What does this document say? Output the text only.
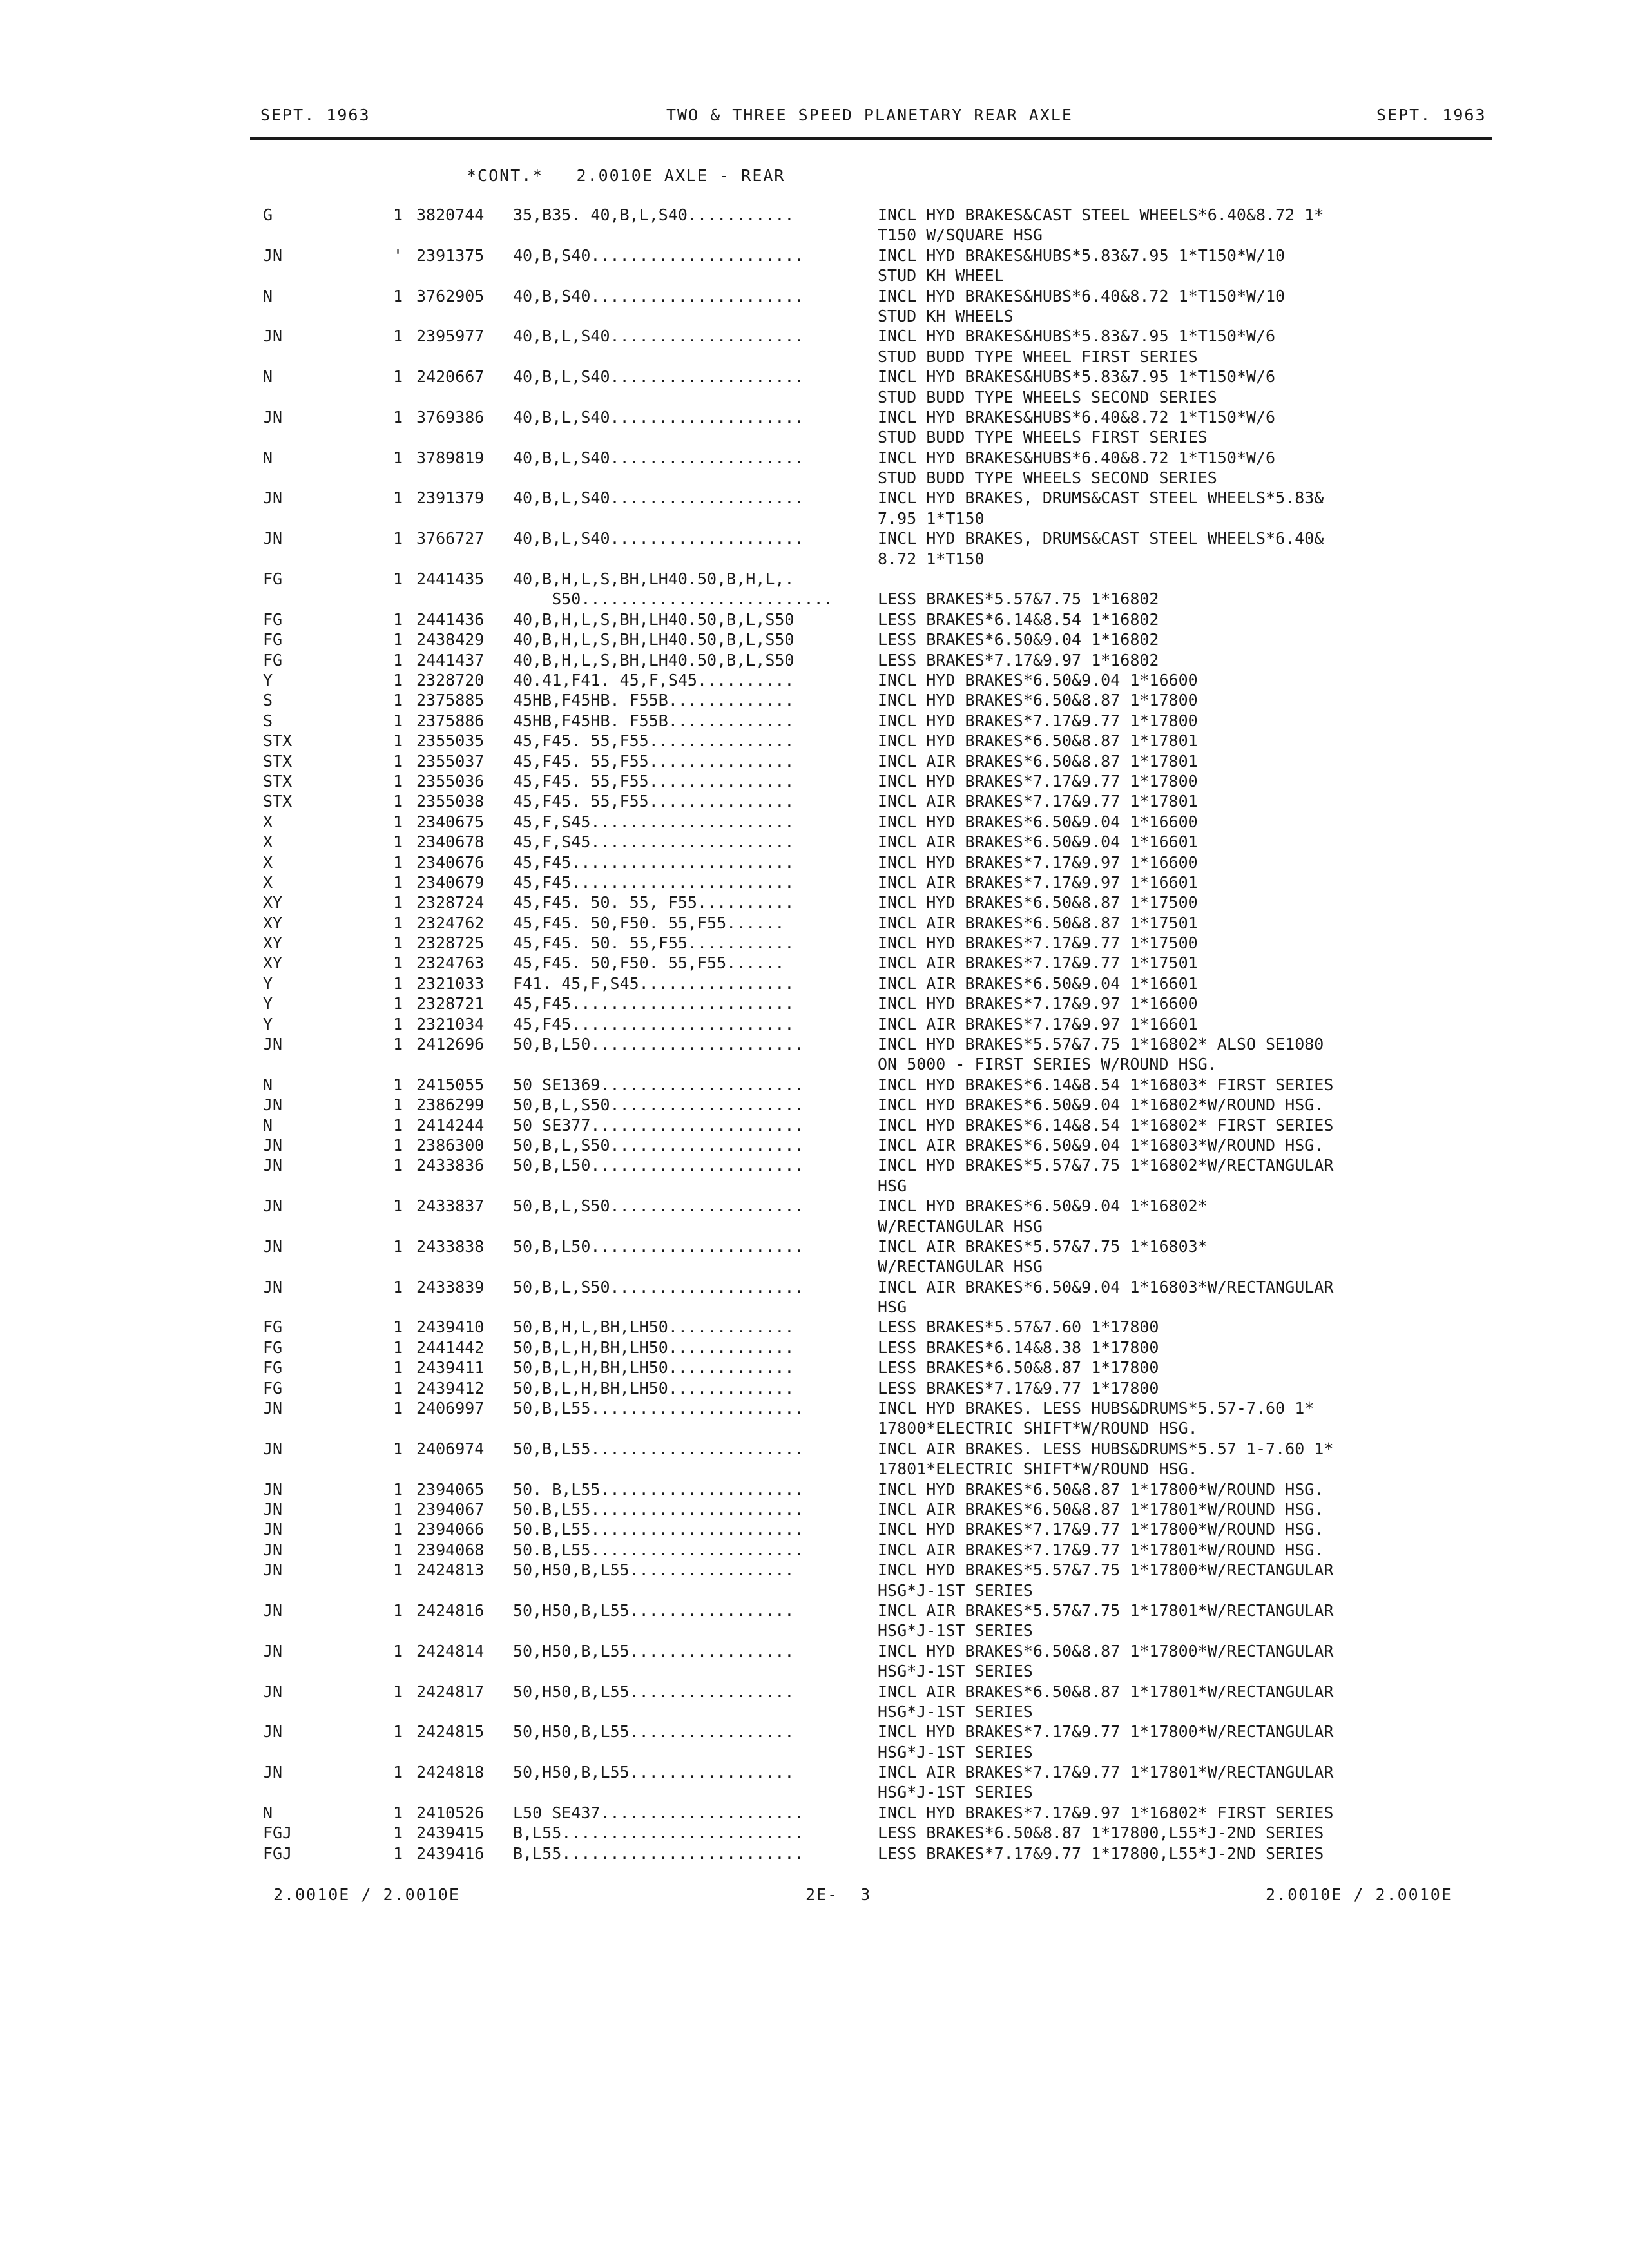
SEPT. 1963	TWO & THREE SPEED PLANETARY REAR AXLE	SEPT. 1963
*CONT.*   2.0010E AXLE - REAR
G	1 3820744 35,B35. 40,B,L,S40...........	INCL HYD BRAKES&CAST STEEL WHEELS*6.40&8.72 1*
T150 W/SQUARE HSG
JN	' 2391375 40,B,S40......................	INCL HYD BRAKES&HUBS*5.83&7.95 1*T150*W/10
STUD KH WHEEL
N	1 3762905 40,B,S40......................	INCL HYD BRAKES&HUBS*6.40&8.72 1*T150*W/10
STUD KH WHEELS
JN	1 2395977 40,B,L,S40....................	INCL HYD BRAKES&HUBS*5.83&7.95 1*T150*W/6
STUD BUDD TYPE WHEEL FIRST SERIES
N	1 2420667 40,B,L,S40....................	INCL HYD BRAKES&HUBS*5.83&7.95 1*T150*W/6
STUD BUDD TYPE WHEELS SECOND SERIES
JN	1 3769386 40,B,L,S40....................	INCL HYD BRAKES&HUBS*6.40&8.72 1*T150*W/6
STUD BUDD TYPE WHEELS FIRST SERIES
N	1 3789819 40,B,L,S40....................	INCL HYD BRAKES&HUBS*6.40&8.72 1*T150*W/6
STUD BUDD TYPE WHEELS SECOND SERIES
JN	1 2391379 40,B,L,S40....................	INCL HYD BRAKES, DRUMS&CAST STEEL WHEELS*5.83&
7.95 1*T150
JN	1 3766727 40,B,L,S40....................	INCL HYD BRAKES, DRUMS&CAST STEEL WHEELS*6.40&
8.72 1*T150
FG	1 2441435 40,B,H,L,S,BH,LH40.50,B,H,L,.
S50..........................	LESS BRAKES*5.57&7.75 1*16802
FG	1 2441436 40,B,H,L,S,BH,LH40.50,B,L,S50	LESS BRAKES*6.14&8.54 1*16802
FG	1 2438429 40,B,H,L,S,BH,LH40.50,B,L,S50	LESS BRAKES*6.50&9.04 1*16802
FG	1 2441437 40,B,H,L,S,BH,LH40.50,B,L,S50	LESS BRAKES*7.17&9.97 1*16802
Y	1 2328720 40.41,F41. 45,F,S45..........	INCL HYD BRAKES*6.50&9.04 1*16600
S	1 2375885 45HB,F45HB. F55B.............	INCL HYD BRAKES*6.50&8.87 1*17800
S	1 2375886 45HB,F45HB. F55B.............	INCL HYD BRAKES*7.17&9.77 1*17800
STX	1 2355035 45,F45. 55,F55...............	INCL HYD BRAKES*6.50&8.87 1*17801
STX	1 2355037 45,F45. 55,F55...............	INCL AIR BRAKES*6.50&8.87 1*17801
STX	1 2355036 45,F45. 55,F55...............	INCL HYD BRAKES*7.17&9.77 1*17800
STX	1 2355038 45,F45. 55,F55...............	INCL AIR BRAKES*7.17&9.77 1*17801
X	1 2340675 45,F,S45.....................	INCL HYD BRAKES*6.50&9.04 1*16600
X	1 2340678 45,F,S45.....................	INCL AIR BRAKES*6.50&9.04 1*16601
X	1 2340676 45,F45.......................	INCL HYD BRAKES*7.17&9.97 1*16600
X	1 2340679 45,F45.......................	INCL AIR BRAKES*7.17&9.97 1*16601
XY	1 2328724 45,F45. 50. 55, F55..........	INCL HYD BRAKES*6.50&8.87 1*17500
XY	1 2324762 45,F45. 50,F50. 55,F55......	INCL AIR BRAKES*6.50&8.87 1*17501
XY	1 2328725 45,F45. 50. 55,F55...........	INCL HYD BRAKES*7.17&9.77 1*17500
XY	1 2324763 45,F45. 50,F50. 55,F55......	INCL AIR BRAKES*7.17&9.77 1*17501
Y	1 2321033 F41. 45,F,S45................	INCL AIR BRAKES*6.50&9.04 1*16601
Y	1 2328721 45,F45.......................	INCL HYD BRAKES*7.17&9.97 1*16600
Y	1 2321034 45,F45.......................	INCL AIR BRAKES*7.17&9.97 1*16601
JN	1 2412696 50,B,L50......................	INCL HYD BRAKES*5.57&7.75 1*16802* ALSO SE1080
ON 5000 - FIRST SERIES W/ROUND HSG.
N	1 2415055 50 SE1369.....................	INCL HYD BRAKES*6.14&8.54 1*16803* FIRST SERIES
JN	1 2386299 50,B,L,S50....................	INCL HYD BRAKES*6.50&9.04 1*16802*W/ROUND HSG.
N	1 2414244 50 SE377......................	INCL HYD BRAKES*6.14&8.54 1*16802* FIRST SERIES
JN	1 2386300 50,B,L,S50....................	INCL AIR BRAKES*6.50&9.04 1*16803*W/ROUND HSG.
JN	1 2433836 50,B,L50......................	INCL HYD BRAKES*5.57&7.75 1*16802*W/RECTANGULAR
HSG
JN	1 2433837 50,B,L,S50....................	INCL HYD BRAKES*6.50&9.04 1*16802*
W/RECTANGULAR HSG
JN	1 2433838 50,B,L50......................	INCL AIR BRAKES*5.57&7.75 1*16803*
W/RECTANGULAR HSG
JN	1 2433839 50,B,L,S50....................	INCL AIR BRAKES*6.50&9.04 1*16803*W/RECTANGULAR
HSG
FG	1 2439410 50,B,H,L,BH,LH50.............	LESS BRAKES*5.57&7.60 1*17800
FG	1 2441442 50,B,L,H,BH,LH50.............	LESS BRAKES*6.14&8.38 1*17800
FG	1 2439411 50,B,L,H,BH,LH50.............	LESS BRAKES*6.50&8.87 1*17800
FG	1 2439412 50,B,L,H,BH,LH50.............	LESS BRAKES*7.17&9.77 1*17800
JN	1 2406997 50,B,L55......................	INCL HYD BRAKES. LESS HUBS&DRUMS*5.57-7.60 1*
17800*ELECTRIC SHIFT*W/ROUND HSG.
JN	1 2406974 50,B,L55......................	INCL AIR BRAKES. LESS HUBS&DRUMS*5.57 1-7.60 1*
17801*ELECTRIC SHIFT*W/ROUND HSG.
JN	1 2394065 50. B,L55.....................	INCL HYD BRAKES*6.50&8.87 1*17800*W/ROUND HSG.
JN	1 2394067 50.B,L55......................	INCL AIR BRAKES*6.50&8.87 1*17801*W/ROUND HSG.
JN	1 2394066 50.B,L55......................	INCL HYD BRAKES*7.17&9.77 1*17800*W/ROUND HSG.
JN	1 2394068 50.B,L55......................	INCL AIR BRAKES*7.17&9.77 1*17801*W/ROUND HSG.
JN	1 2424813 50,H50,B,L55.................	INCL HYD BRAKES*5.57&7.75 1*17800*W/RECTANGULAR
HSG*J-1ST SERIES
JN	1 2424816 50,H50,B,L55.................	INCL AIR BRAKES*5.57&7.75 1*17801*W/RECTANGULAR
HSG*J-1ST SERIES
JN	1 2424814 50,H50,B,L55.................	INCL HYD BRAKES*6.50&8.87 1*17800*W/RECTANGULAR
HSG*J-1ST SERIES
JN	1 2424817 50,H50,B,L55.................	INCL AIR BRAKES*6.50&8.87 1*17801*W/RECTANGULAR
HSG*J-1ST SERIES
JN	1 2424815 50,H50,B,L55.................	INCL HYD BRAKES*7.17&9.77 1*17800*W/RECTANGULAR
HSG*J-1ST SERIES
JN	1 2424818 50,H50,B,L55.................	INCL AIR BRAKES*7.17&9.77 1*17801*W/RECTANGULAR
HSG*J-1ST SERIES
N	1 2410526 L50 SE437.....................	INCL HYD BRAKES*7.17&9.97 1*16802* FIRST SERIES
FGJ	1 2439415 B,L55.........................	LESS BRAKES*6.50&8.87 1*17800,L55*J-2ND SERIES
FGJ	1 2439416 B,L55.........................	LESS BRAKES*7.17&9.77 1*17800,L55*J-2ND SERIES
2.0010E / 2.0010E	2E-  3	2.0010E / 2.0010E
